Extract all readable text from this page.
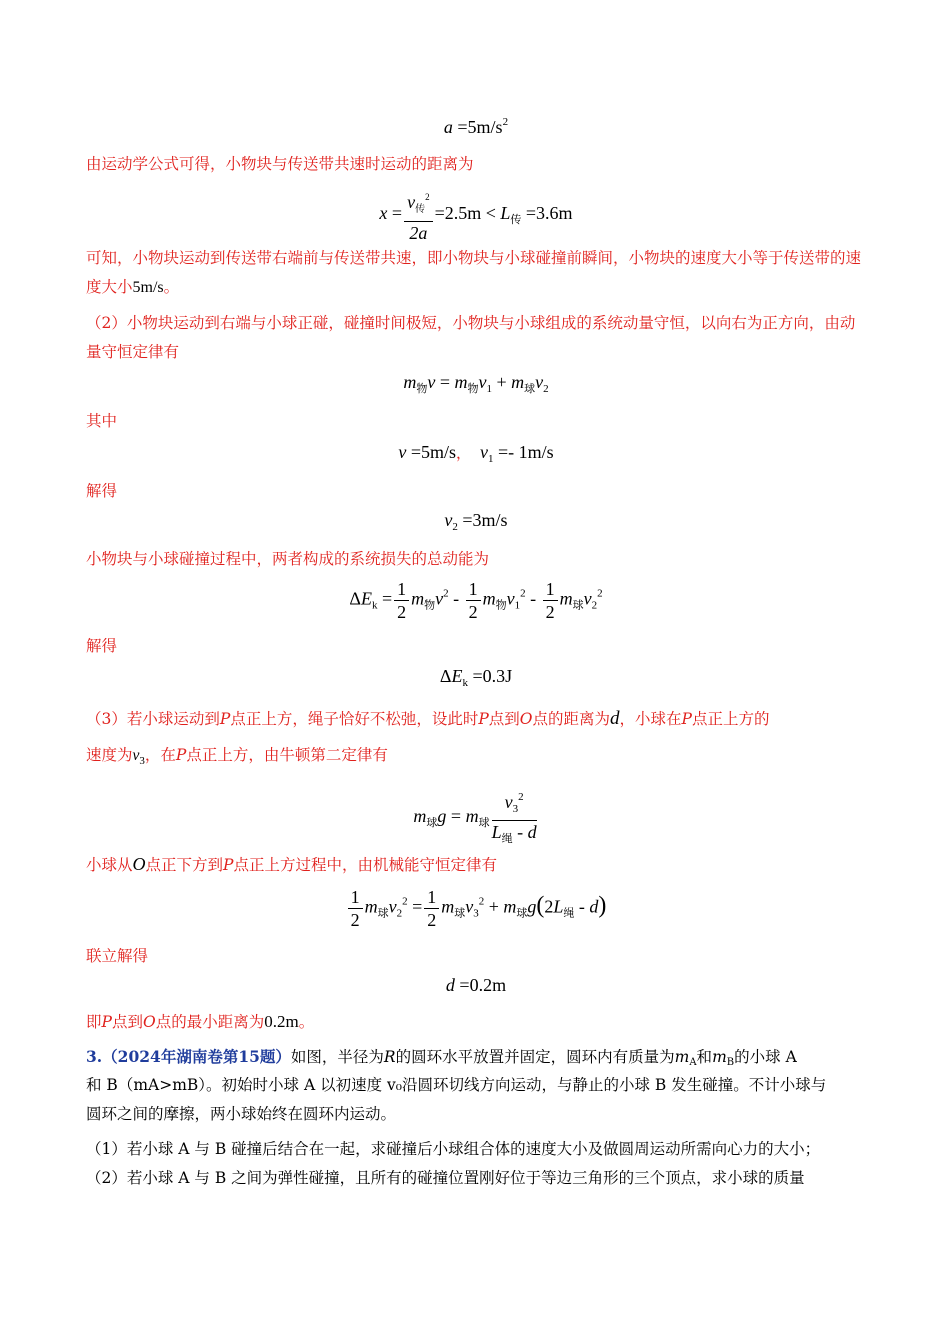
$a =5m/s^2$
由运动学公式可得，小物块与传送带共速时运动的距离为
$x = \frac{v_传^2}{2a} =2.5m < L_传 =3.6m$
可知，小物块运动到传送带右端前与传送带共速，即小物块与小球碰撞前瞬间，小物块的速度大小等于传送带的速度大小5m/s。
（2）小物块运动到右端与小球正碰，碰撞时间极短，小物块与小球组成的系统动量守恒，以向右为正方向，由动量守恒定律有
$m_物v = m_物v_1 + m_球v_2$
其中
v =5m/s， $v_1 =- 1m/s$
解得
$v_2 =3m/s$
小物块与小球碰撞过程中，两者构成的系统损失的总动能为
$\Delta E_k = \frac{1}{2} m_物v^2 - \frac{1}{2} m_物v_1^2 - \frac{1}{2} m_球v_2^2$
解得
$\Delta E_k =0.3J$
（3）若小球运动到P点正上方，绳子恰好不松弛，设此时P点到O点的距离为d，小球在P点正上方的
速度为$v_3$，在P点正上方，由牛顿第二定律有
$m_球g = m_球 \frac{v_3^2}{L_绳 - d}$
小球从O点正下方到P点正上方过程中，由机械能守恒定律有
$\frac{1}{2} m_球v_2^2 = \frac{1}{2} m_球v_3^2 + m_球g(2L_绳 - d)$
联立解得
d =0.2m
即P点到O点的最小距离为0.2m。
3.（2024年湖南卷第15题）如图，半径为R的圆环水平放置并固定，圆环内有质量为mA和mB的小球 A
和 B（mA>mB）。初始时小球 A 以初速度 v₀沿圆环切线方向运动，与静止的小球 B 发生碰撞。不计小球与
圆环之间的摩擦，两小球始终在圆环内运动。
（1）若小球 A 与 B 碰撞后结合在一起，求碰撞后小球组合体的速度大小及做圆周运动所需向心力的大小；
（2）若小球 A 与 B 之间为弹性碰撞，且所有的碰撞位置刚好位于等边三角形的三个顶点，求小球的质量
